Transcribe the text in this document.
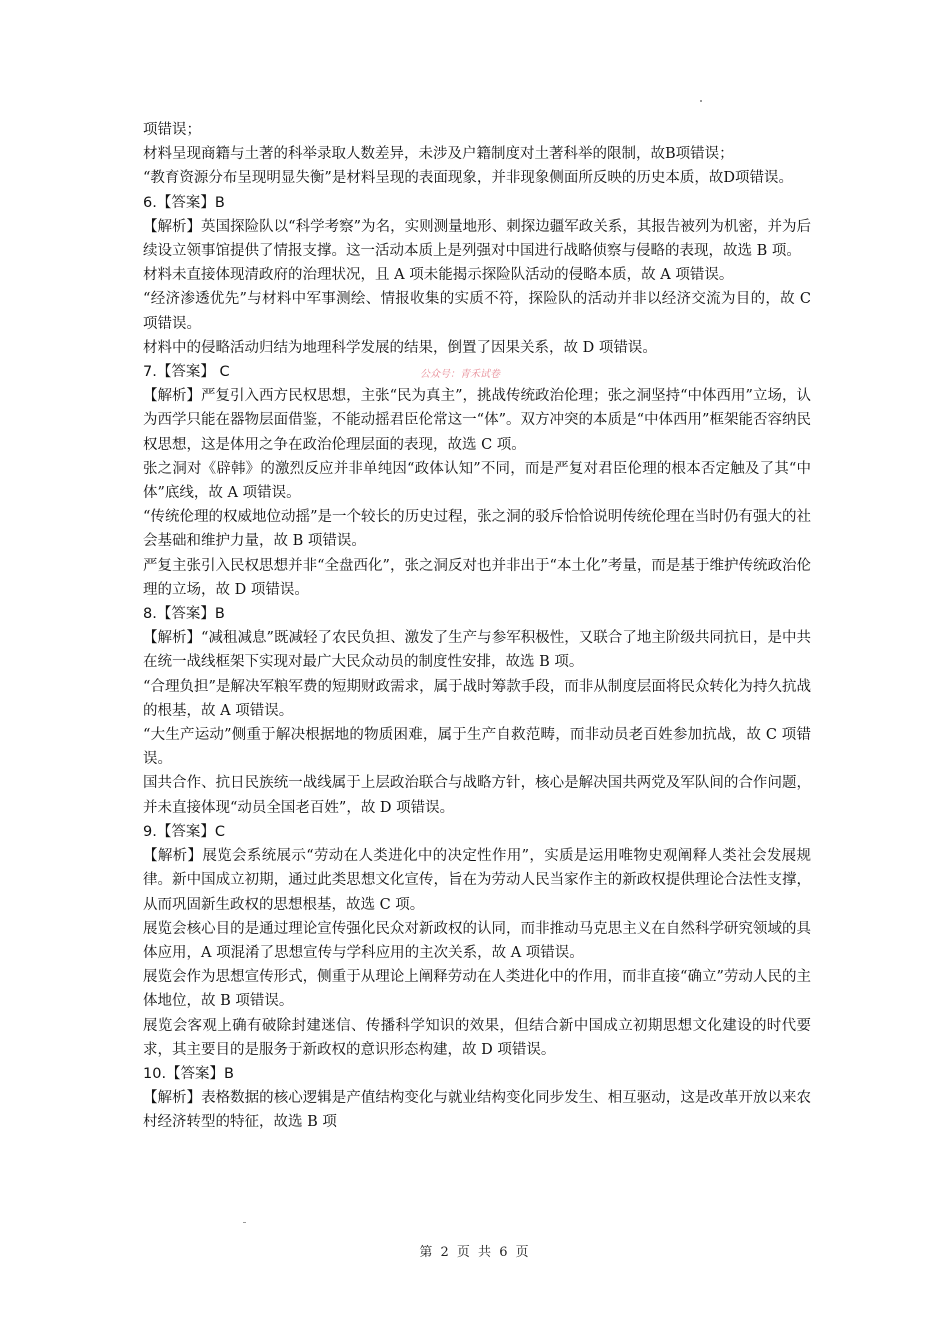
项错误；

材料呈现商籍与土著的科举录取人数差异，未涉及户籍制度对土著科举的限制，故B项错误；

“教育资源分布呈现明显失衡”是材料呈现的表面现象，并非现象侧面所反映的历史本质，故D项错误。

6.【答案】B

【解析】英国探险队以“科学考察”为名，实则测量地形、刺探边疆军政关系，其报告被列为机密，并为后续设立领事馆提供了情报支撑。这一活动本质上是列强对中国进行战略侦察与侵略的表现，故选 B 项。

材料未直接体现清政府的治理状况，且 A 项未能揭示探险队活动的侵略本质，故 A 项错误。

“经济渗透优先”与材料中军事测绘、情报收集的实质不符，探险队的活动并非以经济交流为目的，故 C 项错误。

材料中的侵略活动归结为地理科学发展的结果，倒置了因果关系，故 D 项错误。

7.【答案】 C

【解析】严复引入西方民权思想，主张“民为真主”，挑战传统政治伦理；张之洞坚持“中体西用”立场，认为西学只能在器物层面借鉴，不能动摇君臣伦常这一“体”。双方冲突的本质是“中体西用”框架能否容纳民权思想，这是体用之争在政治伦理层面的表现，故选 C 项。

张之洞对《辟韩》的激烈反应并非单纯因“政体认知”不同，而是严复对君臣伦理的根本否定触及了其“中体”底线，故 A 项错误。

“传统伦理的权威地位动摇”是一个较长的历史过程，张之洞的驳斥恰恰说明传统伦理在当时仍有强大的社会基础和维护力量，故 B 项错误。

严复主张引入民权思想并非“全盘西化”，张之洞反对也并非出于“本土化”考量，而是基于维护传统政治伦理的立场，故 D 项错误。

8.【答案】B

【解析】“减租减息”既减轻了农民负担、激发了生产与参军积极性，又联合了地主阶级共同抗日，是中共在统一战线框架下实现对最广大民众动员的制度性安排，故选 B 项。

“合理负担”是解决军粮军费的短期财政需求，属于战时筹款手段，而非从制度层面将民众转化为持久抗战的根基，故 A 项错误。

“大生产运动”侧重于解决根据地的物质困难，属于生产自救范畴，而非动员老百姓参加抗战，故 C 项错误。

国共合作、抗日民族统一战线属于上层政治联合与战略方针，核心是解决国共两党及军队间的合作问题，并未直接体现“动员全国老百姓”，故 D 项错误。

9.【答案】C

【解析】展览会系统展示“劳动在人类进化中的决定性作用”，实质是运用唯物史观阐释人类社会发展规律。新中国成立初期，通过此类思想文化宣传，旨在为劳动人民当家作主的新政权提供理论合法性支撑，从而巩固新生政权的思想根基，故选 C 项。

展览会核心目的是通过理论宣传强化民众对新政权的认同，而非推动马克思主义在自然科学研究领域的具体应用，A 项混淆了思想宣传与学科应用的主次关系，故 A 项错误。

展览会作为思想宣传形式，侧重于从理论上阐释劳动在人类进化中的作用，而非直接“确立”劳动人民的主体地位，故 B 项错误。

展览会客观上确有破除封建迷信、传播科学知识的效果，但结合新中国成立初期思想文化建设的时代要求，其主要目的是服务于新政权的意识形态构建，故 D 项错误。

10.【答案】B

【解析】表格数据的核心逻辑是产值结构变化与就业结构变化同步发生、相互驱动，这是改革开放以来农村经济转型的特征，故选 B 项

公众号：青禾试卷
第 2 页 共 6 页
